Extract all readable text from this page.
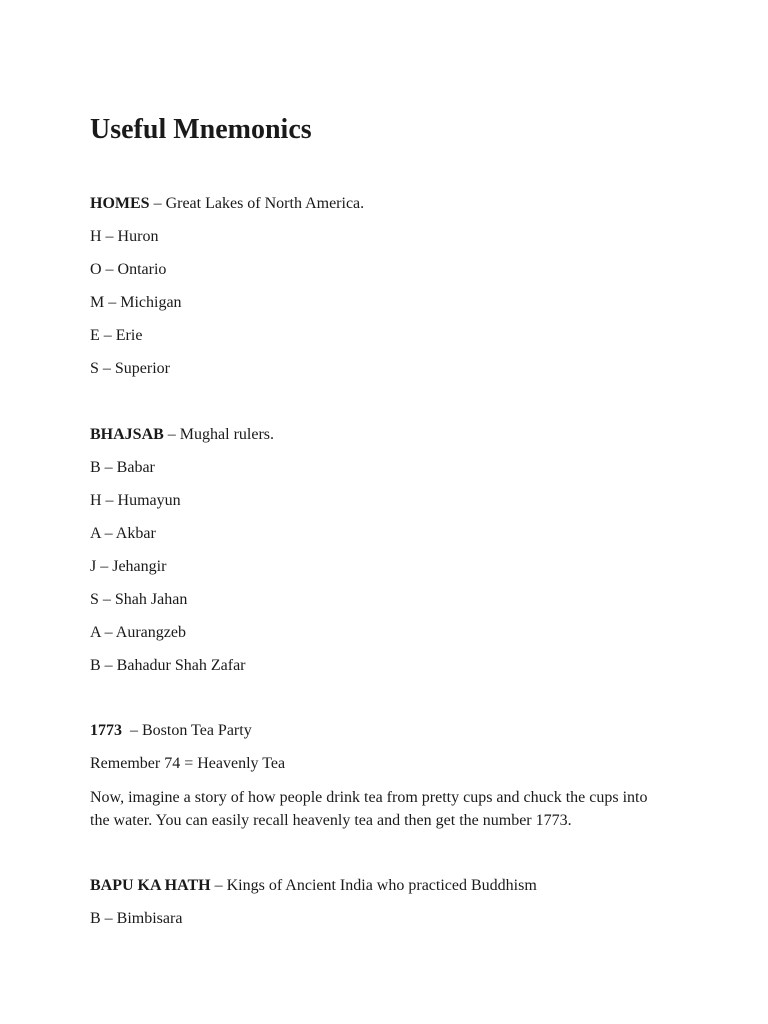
Useful Mnemonics

HOMES – Great Lakes of North America.

H – Huron

O – Ontario

M – Michigan

E – Erie

S – Superior

BHAJSAB – Mughal rulers.

B – Babar

H – Humayun

A – Akbar

J – Jehangir

S – Shah Jahan

A – Aurangzeb

B – Bahadur Shah Zafar

1773  – Boston Tea Party

Remember 74 = Heavenly Tea

Now, imagine a story of how people drink tea from pretty cups and chuck the cups into the water. You can easily recall heavenly tea and then get the number 1773.

BAPU KA HATH – Kings of Ancient India who practiced Buddhism

B – Bimbisara
